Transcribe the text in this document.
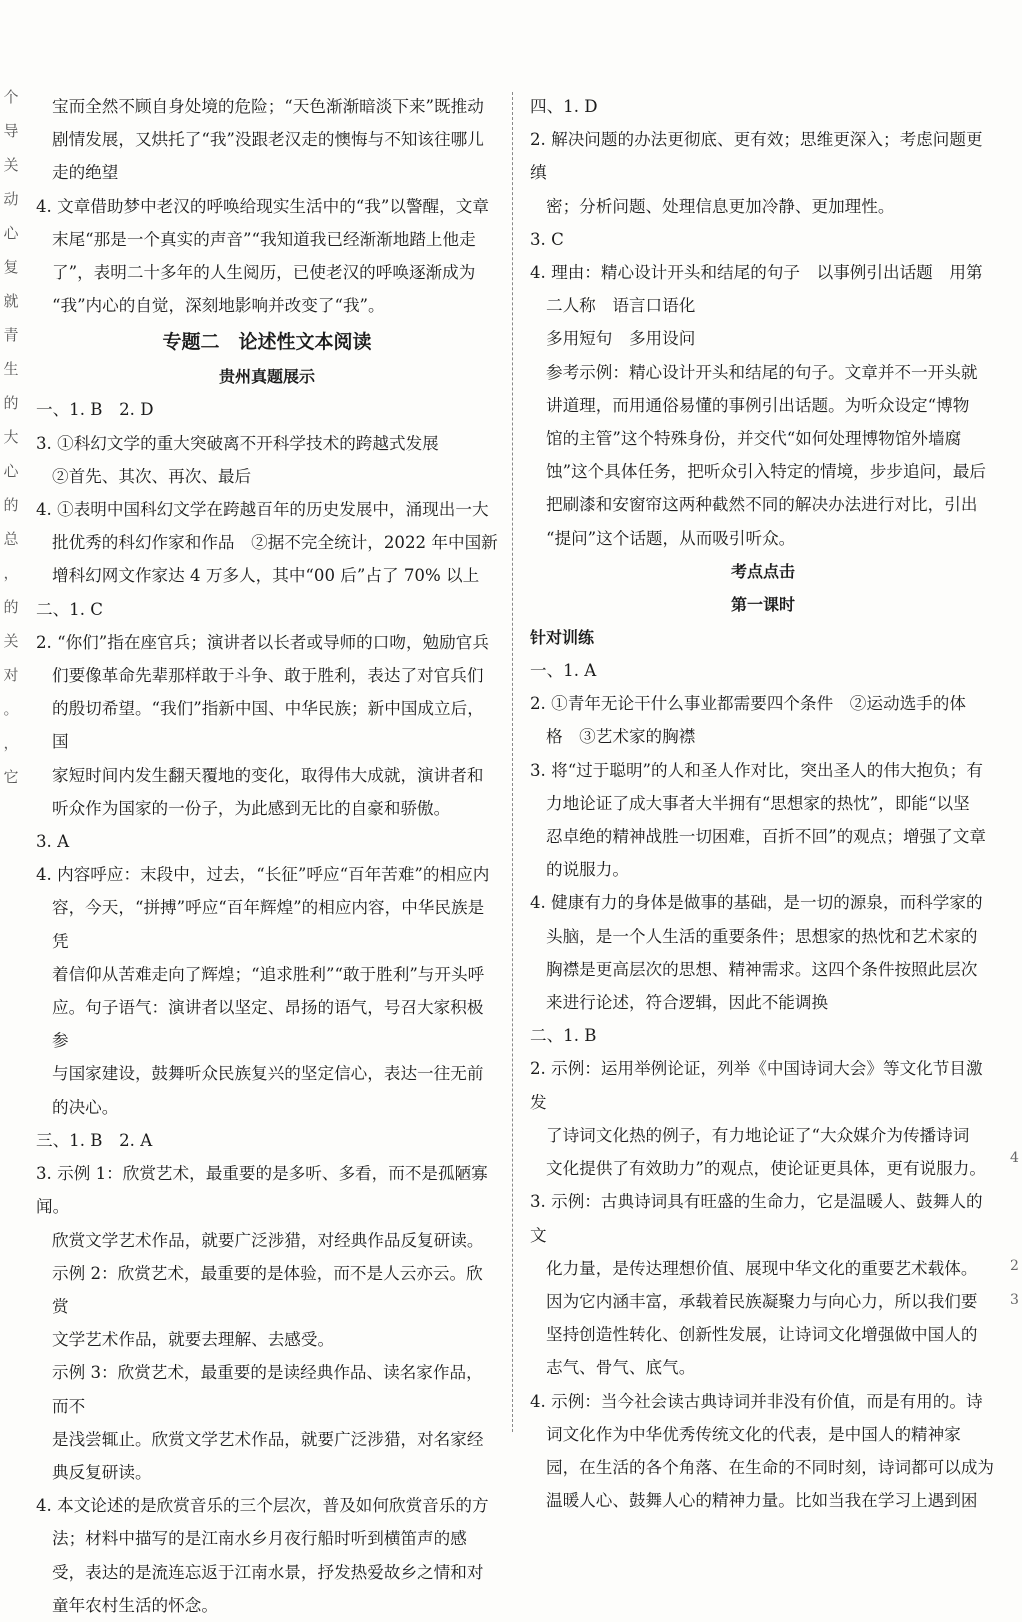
个 导 关 动 心 复 就 青 生 的 大 心 的 总 ， 的 关 对 。 ， 它
宝而全然不顾自身处境的危险；“天色渐渐暗淡下来”既推动
剧情发展，又烘托了“我”没跟老汉走的懊悔与不知该往哪儿
走的绝望
4. 文章借助梦中老汉的呼唤给现实生活中的“我”以警醒，文章
末尾“那是一个真实的声音”“我知道我已经渐渐地踏上他走
了”，表明二十多年的人生阅历，已使老汉的呼唤逐渐成为
“我”内心的自觉，深刻地影响并改变了“我”。
专题二　论述性文本阅读
贵州真题展示
一、1. B　2. D
3. ①科幻文学的重大突破离不开科学技术的跨越式发展
②首先、其次、再次、最后
4. ①表明中国科幻文学在跨越百年的历史发展中，涌现出一大
批优秀的科幻作家和作品　②据不完全统计，2022 年中国新
增科幻网文作家达 4 万多人，其中“00 后”占了 70% 以上
二、1. C
2. “你们”指在座官兵；演讲者以长者或导师的口吻，勉励官兵
们要像革命先辈那样敢于斗争、敢于胜利，表达了对官兵们
的殷切希望。“我们”指新中国、中华民族；新中国成立后，国
家短时间内发生翻天覆地的变化，取得伟大成就，演讲者和
听众作为国家的一份子，为此感到无比的自豪和骄傲。
3. A
4. 内容呼应：末段中，过去，“长征”呼应“百年苦难”的相应内
容，今天，“拼搏”呼应“百年辉煌”的相应内容，中华民族是凭
着信仰从苦难走向了辉煌；“追求胜利”“敢于胜利”与开头呼
应。句子语气：演讲者以坚定、昂扬的语气，号召大家积极参
与国家建设，鼓舞听众民族复兴的坚定信心，表达一往无前
的决心。
三、1. B　2. A
3. 示例 1：欣赏艺术，最重要的是多听、多看，而不是孤陋寡闻。
欣赏文学艺术作品，就要广泛涉猎，对经典作品反复研读。
示例 2：欣赏艺术，最重要的是体验，而不是人云亦云。欣赏
文学艺术作品，就要去理解、去感受。
示例 3：欣赏艺术，最重要的是读经典作品、读名家作品，而不
是浅尝辄止。欣赏文学艺术作品，就要广泛涉猎，对名家经
典反复研读。
4. 本文论述的是欣赏音乐的三个层次，普及如何欣赏音乐的方
法；材料中描写的是江南水乡月夜行船时听到横笛声的感
受，表达的是流连忘返于江南水景，抒发热爱故乡之情和对
童年农村生活的怀念。
四、1. D
2. 解决问题的办法更彻底、更有效；思维更深入；考虑问题更缜
密；分析问题、处理信息更加冷静、更加理性。
3. C
4. 理由：精心设计开头和结尾的句子　以事例引出话题　用第
二人称　语言口语化
多用短句　多用设问
参考示例：精心设计开头和结尾的句子。文章并不一开头就
讲道理，而用通俗易懂的事例引出话题。为听众设定“博物
馆的主管”这个特殊身份，并交代“如何处理博物馆外墙腐
蚀”这个具体任务，把听众引入特定的情境，步步追问，最后
把刷漆和安窗帘这两种截然不同的解决办法进行对比，引出
“提问”这个话题，从而吸引听众。
考点点击
第一课时
针对训练
一、1. A
2. ①青年无论干什么事业都需要四个条件　②运动选手的体
格　③艺术家的胸襟
3. 将“过于聪明”的人和圣人作对比，突出圣人的伟大抱负；有
力地论证了成大事者大半拥有“思想家的热忱”，即能“以坚
忍卓绝的精神战胜一切困难，百折不回”的观点；增强了文章
的说服力。
4. 健康有力的身体是做事的基础，是一切的源泉，而科学家的
头脑，是一个人生活的重要条件；思想家的热忱和艺术家的
胸襟是更高层次的思想、精神需求。这四个条件按照此层次
来进行论述，符合逻辑，因此不能调换
二、1. B
2. 示例：运用举例论证，列举《中国诗词大会》等文化节目激发
了诗词文化热的例子，有力地论证了“大众媒介为传播诗词
文化提供了有效助力”的观点，使论证更具体，更有说服力。
3. 示例：古典诗词具有旺盛的生命力，它是温暖人、鼓舞人的文
化力量，是传达理想价值、展现中华文化的重要艺术载体。
因为它内涵丰富，承载着民族凝聚力与向心力，所以我们要
坚持创造性转化、创新性发展，让诗词文化增强做中国人的
志气、骨气、底气。
4. 示例：当今社会读古典诗词并非没有价值，而是有用的。诗
词文化作为中华优秀传统文化的代表，是中国人的精神家
园，在生活的各个角落、在生命的不同时刻，诗词都可以成为
温暖人心、鼓舞人心的精神力量。比如当我在学习上遇到困
4
2
3
